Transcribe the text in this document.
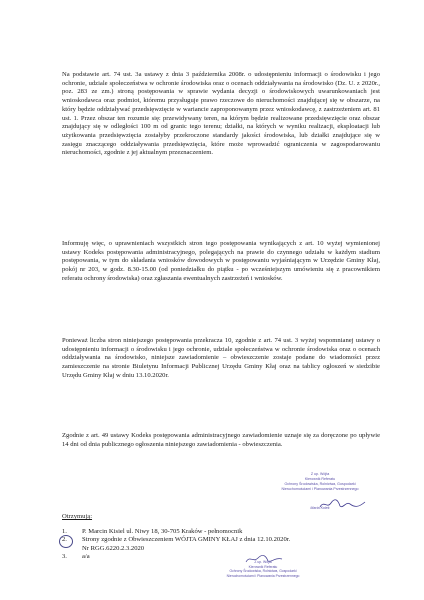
Na podstawie art. 74 ust. 3a ustawy z dnia 3 października 2008r. o udostępnieniu informacji o środowisku i jego ochronie, udziale społeczeństwa w ochronie środowiska oraz o ocenach oddziaływania na środowisko (Dz. U. z 2020r., poz. 283 ze zm.) stroną postępowania w sprawie wydania decyzji o środowiskowych uwarunkowaniach jest wnioskodawca oraz podmiot, któremu przysługuje prawo rzeczowe do nieruchomości znajdującej się w obszarze, na który będzie oddziaływać przedsięwzięcie w wariancie zaproponowanym przez wnioskodawcę, z zastrzeżeniem art. 81 ust. 1. Przez obszar ten rozumie się: przewidywany teren, na którym będzie realizowane przedsięwzięcie oraz obszar znajdujący się w odległości 100 m od granic tego terenu; działki, na których w wyniku realizacji, eksploatacji lub użytkowania przedsięwzięcia zostałyby przekroczone standardy jakości środowiska, lub działki znajdujące się w zasięgu znaczącego oddziaływania przedsięwzięcia, które może wprowadzić ograniczenia w zagospodarowaniu nieruchomości, zgodnie z jej aktualnym przeznaczeniem.

Informuję więc, o uprawnieniach wszystkich stron tego postępowania wynikających z art. 10 wyżej wymienionej ustawy Kodeks postępowania administracyjnego, polegających na prawie do czynnego udziału w każdym stadium postępowania, w tym do składania wniosków dowodowych w postępowaniu wyjaśniającym w Urzędzie Gminy Kłaj, pokój nr 203, w godz. 8.30-15.00 (od poniedziałku do piątku - po wcześniejszym umówieniu się z pracownikiem referatu ochrony środowiska) oraz zgłaszania ewentualnych zastrzeżeń i wniosków.

Ponieważ liczba stron niniejszego postępowania przekracza 10, zgodnie z art. 74 ust. 3 wyżej wspomnianej ustawy o udostępnieniu informacji o środowisku i jego ochronie, udziale społeczeństwa w ochronie środowiska oraz o ocenach oddziaływania na środowisko, niniejsze zawiadomienie – obwieszczenie zostaje podane do wiadomości przez zamieszczenie na stronie Biuletynu Informacji Publicznej Urzędu Gminy Kłaj oraz na tablicy ogłoszeń w siedzibie Urzędu Gminy Kłaj w dniu 13.10.2020r.

Zgodnie z art. 49 ustawy Kodeks postępowania administracyjnego zawiadomienie uznaje się za doręczone po upływie 14 dni od dnia publicznego ogłoszenia niniejszego zawiadomienia - obwieszczenia.

Z up. Wójta
Kierownik Referatu
Ochrony Środowiska, Rolnictwa, Gospodarki
Nieruchomościami i Planowania Przestrzennego
Marta Kołek

Otrzymują:

1. P. Marcin Kisiel ul. Niwy 18, 30-705 Kraków - pełnomocnik
2. Strony zgodnie z Obwieszczeniem WÓJTA GMINY KŁAJ z dnia 12.10.2020r.
Nr RGG.6220.2.3.2020
3. a/a
Z up. Wójta
Kierownik Referatu
Ochrony Środowiska, Rolnictwa, Gospodarki
Nieruchomościami i Planowania Przestrzennego
